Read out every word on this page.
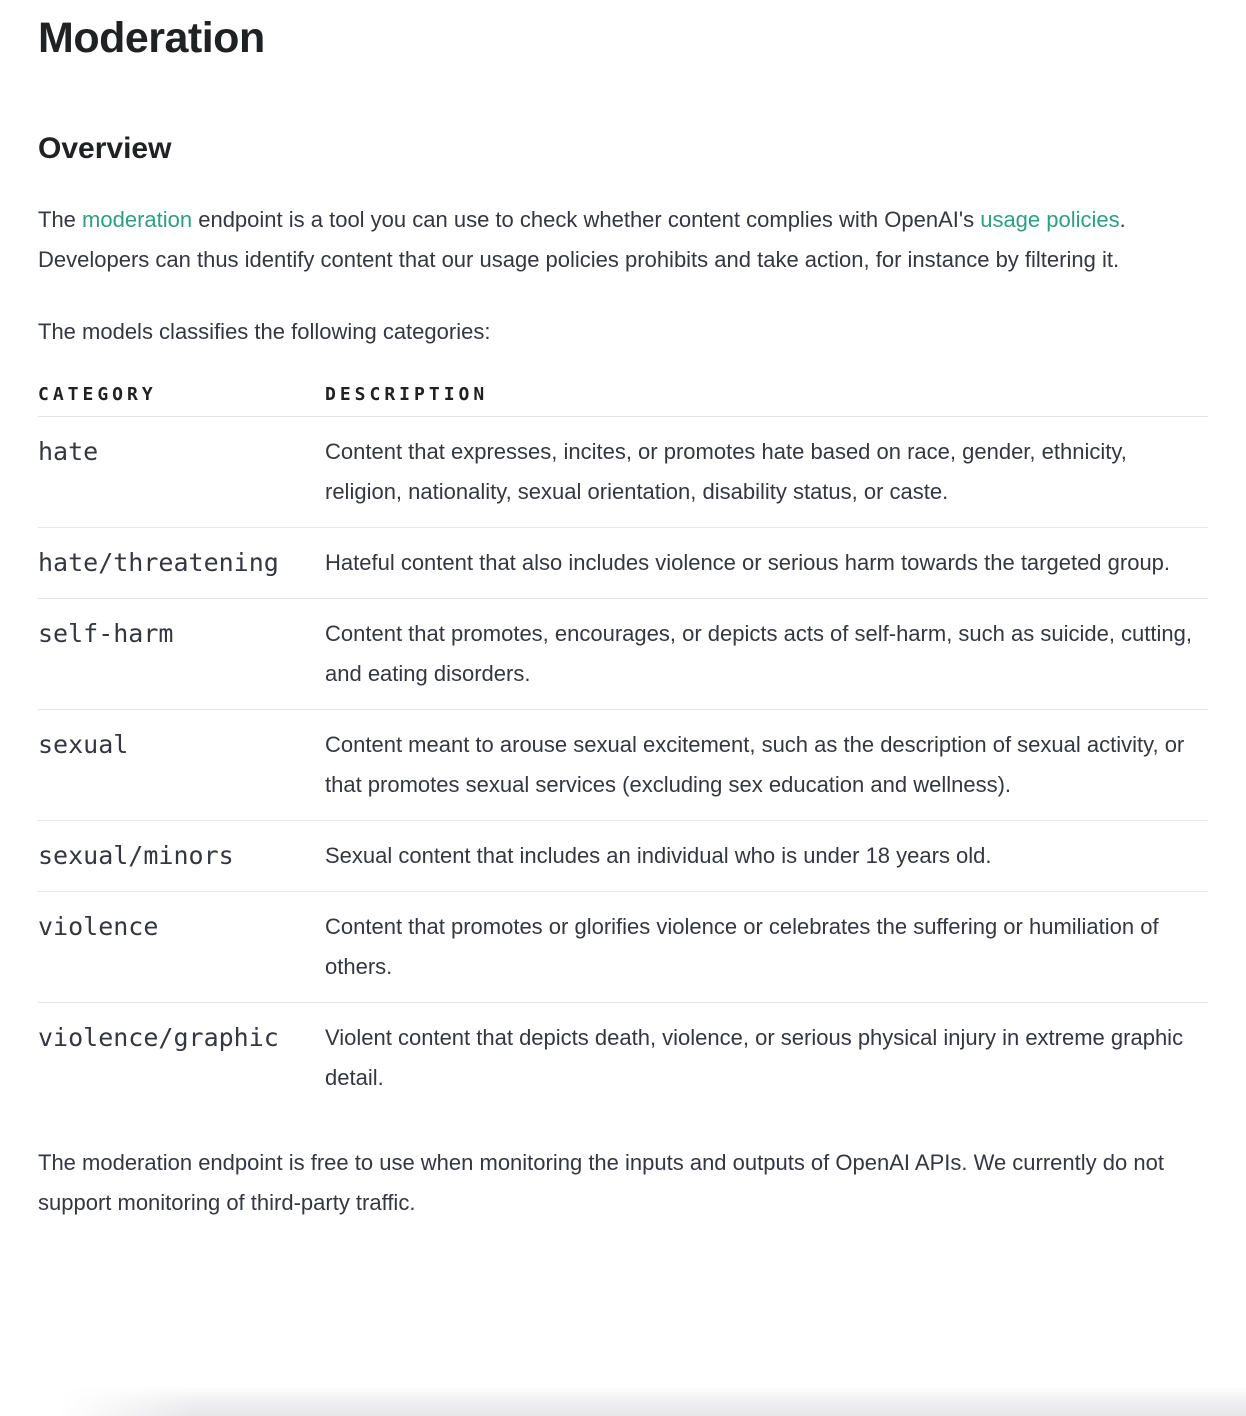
Moderation
Overview

The moderation endpoint is a tool you can use to check whether content complies with OpenAI's usage policies. Developers can thus identify content that our usage policies prohibits and take action, for instance by filtering it.

The models classifies the following categories:

CATEGORY	DESCRIPTION
hate	Content that expresses, incites, or promotes hate based on race, gender, ethnicity, religion, nationality, sexual orientation, disability status, or caste.
hate/threatening	Hateful content that also includes violence or serious harm towards the targeted group.
self-harm	Content that promotes, encourages, or depicts acts of self-harm, such as suicide, cutting, and eating disorders.
sexual	Content meant to arouse sexual excitement, such as the description of sexual activity, or that promotes sexual services (excluding sex education and wellness).
sexual/minors	Sexual content that includes an individual who is under 18 years old.
violence	Content that promotes or glorifies violence or celebrates the suffering or humiliation of others.
violence/graphic	Violent content that depicts death, violence, or serious physical injury in extreme graphic detail.

The moderation endpoint is free to use when monitoring the inputs and outputs of OpenAI APIs. We currently do not support monitoring of third-party traffic.
